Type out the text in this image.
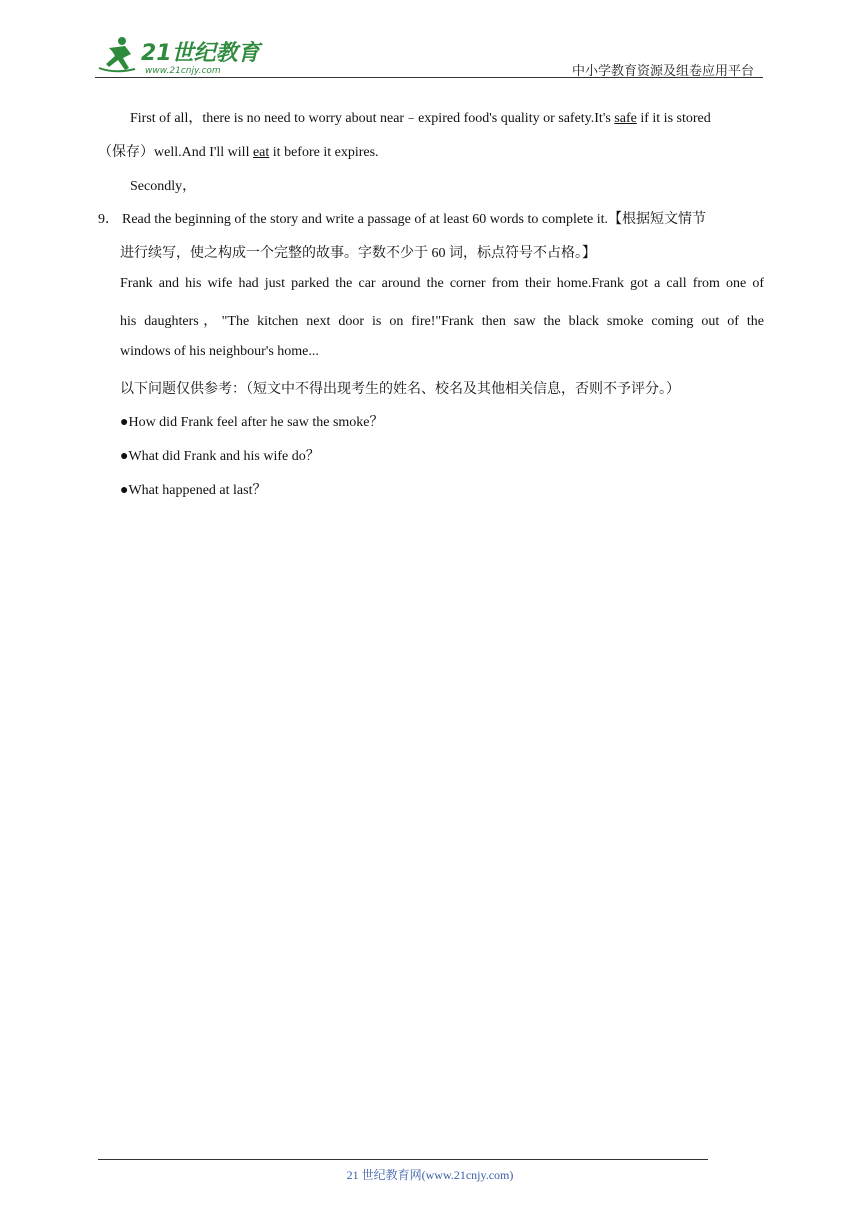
21世纪教育
www.21cnjy.com	中小学教育资源及组卷应用平台
First of all，there is no need to worry about near﹣expired food's quality or safety.It's safe if it is stored
（保存）well.And I'll will eat it before it expires.
Secondly，
9． Read the beginning of the story and write a passage of at least 60 words to complete it.【根据短文情节
进行续写，使之构成一个完整的故事。字数不少于 60 词，标点符号不占格。】
Frank and his wife had just parked the car around the corner from their home.Frank got a call from one of
his daughters，"The kitchen next door is on fire!"Frank then saw the black smoke coming out of the
windows of his neighbour's home...
以下问题仅供参考：（短文中不得出现考生的姓名、校名及其他相关信息，否则不予评分。）
●How did Frank feel after he saw the smoke？
●What did Frank and his wife do？
●What happened at last？
21 世纪教育网(www.21cnjy.com)
